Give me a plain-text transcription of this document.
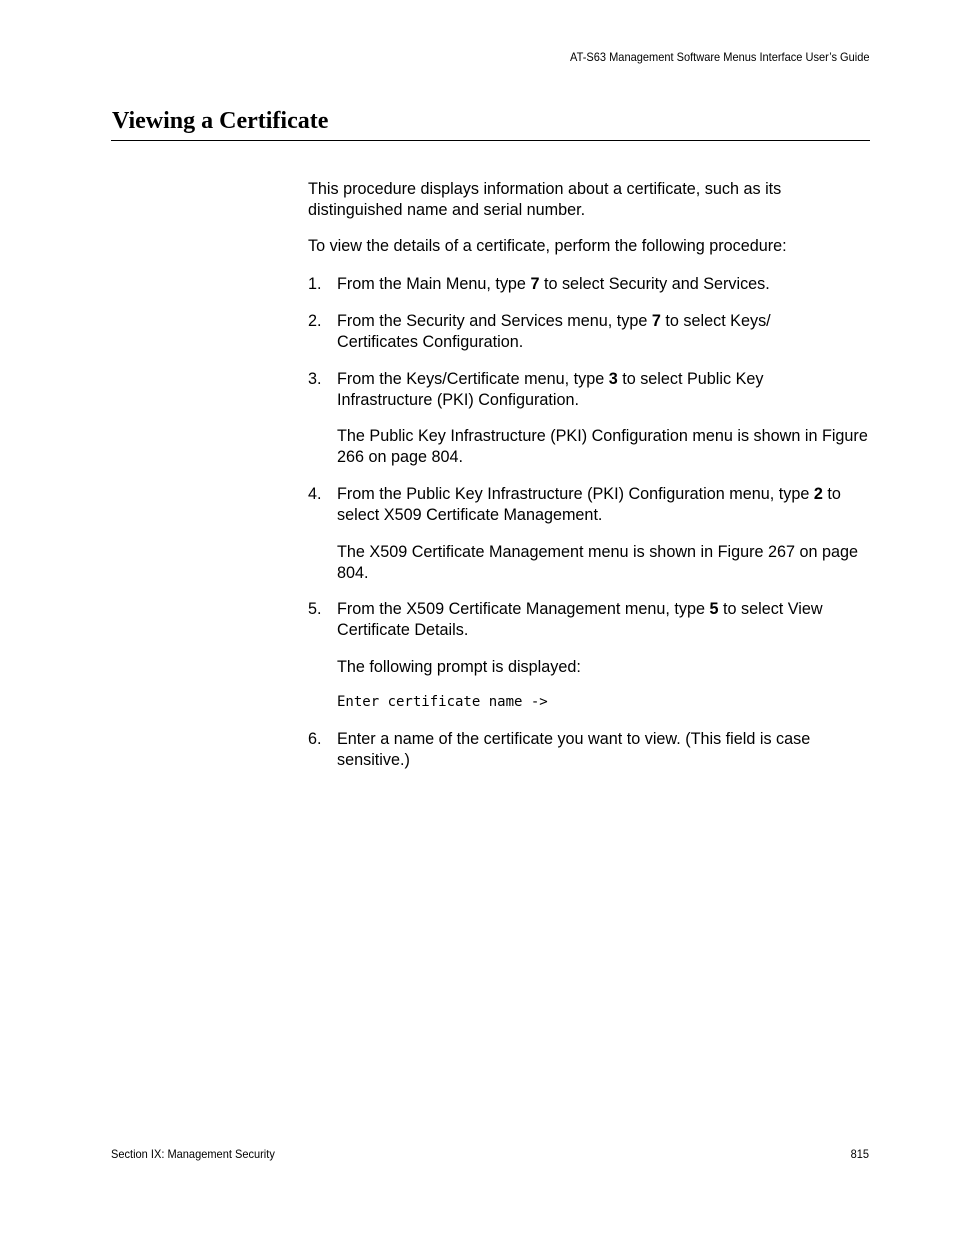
AT-S63 Management Software Menus Interface User’s Guide
Viewing a Certificate
This procedure displays information about a certificate, such as its distinguished name and serial number.
To view the details of a certificate, perform the following procedure:
1. From the Main Menu, type 7 to select Security and Services.
2. From the Security and Services menu, type 7 to select Keys/ Certificates Configuration.
3. From the Keys/Certificate menu, type 3 to select Public Key Infrastructure (PKI) Configuration.
The Public Key Infrastructure (PKI) Configuration menu is shown in Figure 266 on page 804.
4. From the Public Key Infrastructure (PKI) Configuration menu, type 2 to select X509 Certificate Management.
The X509 Certificate Management menu is shown in Figure 267 on page 804.
5. From the X509 Certificate Management menu, type 5 to select View Certificate Details.
The following prompt is displayed:
Enter certificate name ->
6. Enter a name of the certificate you want to view. (This field is case sensitive.)
Section IX: Management Security	815
